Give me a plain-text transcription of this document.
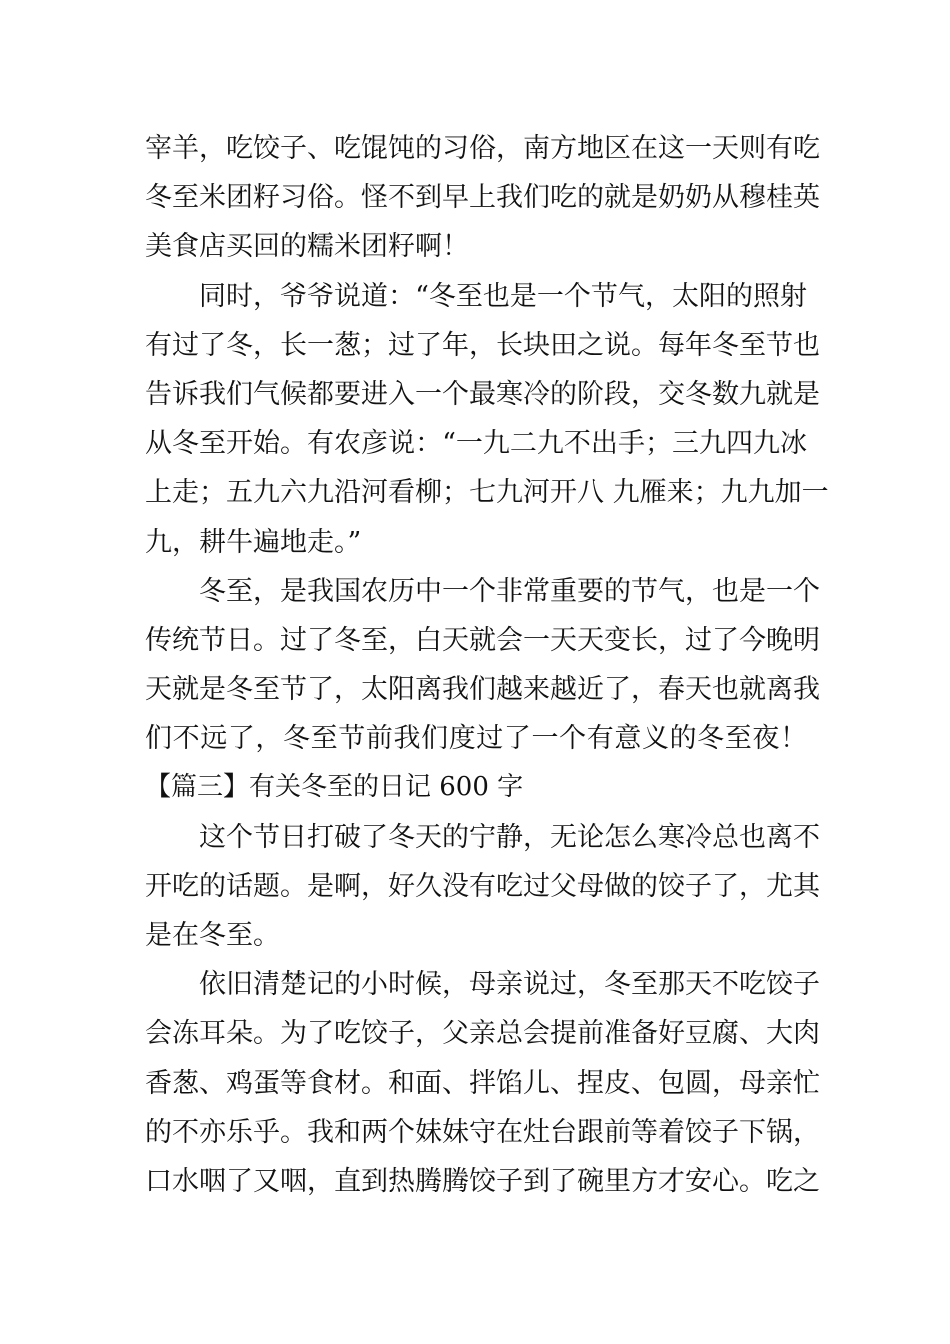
宰羊，吃饺子、吃馄饨的习俗，南方地区在这一天则有吃
冬至米团籽习俗。怪不到早上我们吃的就是奶奶从穆桂英
美食店买回的糯米团籽啊！
　　同时，爷爷说道：“冬至也是一个节气，太阳的照射
有过了冬，长一葱；过了年，长块田之说。每年冬至节也
告诉我们气候都要进入一个最寒冷的阶段，交冬数九就是
从冬至开始。有农彦说：“一九二九不出手；三九四九冰
上走；五九六九沿河看柳；七九河开八 九雁来；九九加一
九，耕牛遍地走。”
　　冬至，是我国农历中一个非常重要的节气，也是一个
传统节日。过了冬至，白天就会一天天变长，过了今晚明
天就是冬至节了，太阳离我们越来越近了，春天也就离我
们不远了，冬至节前我们度过了一个有意义的冬至夜！
【篇三】有关冬至的日记 600 字
　　这个节日打破了冬天的宁静，无论怎么寒冷总也离不
开吃的话题。是啊，好久没有吃过父母做的饺子了，尤其
是在冬至。
　　依旧清楚记的小时候，母亲说过，冬至那天不吃饺子
会冻耳朵。为了吃饺子，父亲总会提前准备好豆腐、大肉
香葱、鸡蛋等食材。和面、拌馅儿、捏皮、包圆，母亲忙
的不亦乐乎。我和两个妹妹守在灶台跟前等着饺子下锅，
口水咽了又咽，直到热腾腾饺子到了碗里方才安心。吃之
